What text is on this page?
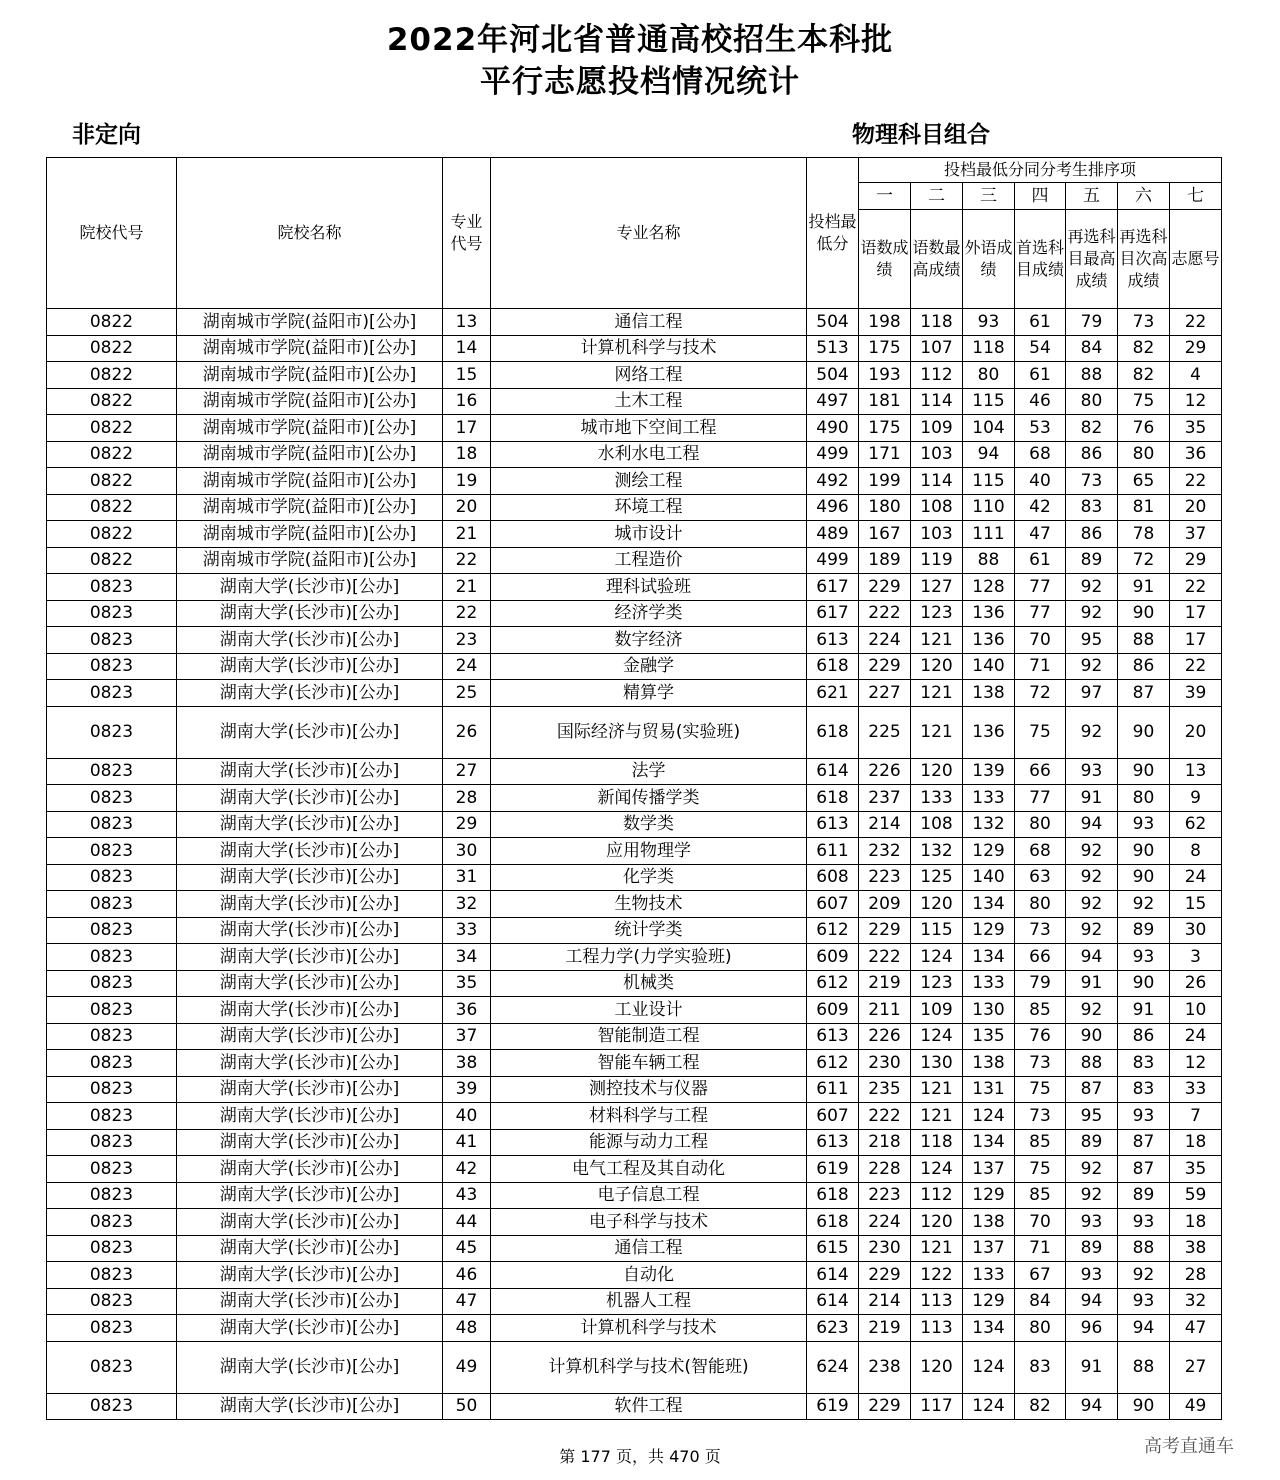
2022年河北省普通高校招生本科批
平行志愿投档情况统计
非定向	物理科目组合
院校代号	院校名称	专业代号	专业名称	投档最低分	投档最低分同分考生排序项						
					一	二	三	四	五	六	七
					语数成绩	语数最高成绩	外语成绩	首选科目成绩	再选科目最高成绩	再选科目次高成绩	志愿号
0822	湖南城市学院(益阳市)[公办]	13	通信工程	504	198	118	93	61	79	73	22
0822	湖南城市学院(益阳市)[公办]	14	计算机科学与技术	513	175	107	118	54	84	82	29
0822	湖南城市学院(益阳市)[公办]	15	网络工程	504	193	112	80	61	88	82	4
0822	湖南城市学院(益阳市)[公办]	16	土木工程	497	181	114	115	46	80	75	12
0822	湖南城市学院(益阳市)[公办]	17	城市地下空间工程	490	175	109	104	53	82	76	35
0822	湖南城市学院(益阳市)[公办]	18	水利水电工程	499	171	103	94	68	86	80	36
0822	湖南城市学院(益阳市)[公办]	19	测绘工程	492	199	114	115	40	73	65	22
0822	湖南城市学院(益阳市)[公办]	20	环境工程	496	180	108	110	42	83	81	20
0822	湖南城市学院(益阳市)[公办]	21	城市设计	489	167	103	111	47	86	78	37
0822	湖南城市学院(益阳市)[公办]	22	工程造价	499	189	119	88	61	89	72	29
0823	湖南大学(长沙市)[公办]	21	理科试验班	617	229	127	128	77	92	91	22
0823	湖南大学(长沙市)[公办]	22	经济学类	617	222	123	136	77	92	90	17
0823	湖南大学(长沙市)[公办]	23	数字经济	613	224	121	136	70	95	88	17
0823	湖南大学(长沙市)[公办]	24	金融学	618	229	120	140	71	92	86	22
0823	湖南大学(长沙市)[公办]	25	精算学	621	227	121	138	72	97	87	39
0823	湖南大学(长沙市)[公办]	26	国际经济与贸易(实验班)	618	225	121	136	75	92	90	20
0823	湖南大学(长沙市)[公办]	27	法学	614	226	120	139	66	93	90	13
0823	湖南大学(长沙市)[公办]	28	新闻传播学类	618	237	133	133	77	91	80	9
0823	湖南大学(长沙市)[公办]	29	数学类	613	214	108	132	80	94	93	62
0823	湖南大学(长沙市)[公办]	30	应用物理学	611	232	132	129	68	92	90	8
0823	湖南大学(长沙市)[公办]	31	化学类	608	223	125	140	63	92	90	24
0823	湖南大学(长沙市)[公办]	32	生物技术	607	209	120	134	80	92	92	15
0823	湖南大学(长沙市)[公办]	33	统计学类	612	229	115	129	73	92	89	30
0823	湖南大学(长沙市)[公办]	34	工程力学(力学实验班)	609	222	124	134	66	94	93	3
0823	湖南大学(长沙市)[公办]	35	机械类	612	219	123	133	79	91	90	26
0823	湖南大学(长沙市)[公办]	36	工业设计	609	211	109	130	85	92	91	10
0823	湖南大学(长沙市)[公办]	37	智能制造工程	613	226	124	135	76	90	86	24
0823	湖南大学(长沙市)[公办]	38	智能车辆工程	612	230	130	138	73	88	83	12
0823	湖南大学(长沙市)[公办]	39	测控技术与仪器	611	235	121	131	75	87	83	33
0823	湖南大学(长沙市)[公办]	40	材料科学与工程	607	222	121	124	73	95	93	7
0823	湖南大学(长沙市)[公办]	41	能源与动力工程	613	218	118	134	85	89	87	18
0823	湖南大学(长沙市)[公办]	42	电气工程及其自动化	619	228	124	137	75	92	87	35
0823	湖南大学(长沙市)[公办]	43	电子信息工程	618	223	112	129	85	92	89	59
0823	湖南大学(长沙市)[公办]	44	电子科学与技术	618	224	120	138	70	93	93	18
0823	湖南大学(长沙市)[公办]	45	通信工程	615	230	121	137	71	89	88	38
0823	湖南大学(长沙市)[公办]	46	自动化	614	229	122	133	67	93	92	28
0823	湖南大学(长沙市)[公办]	47	机器人工程	614	214	113	129	84	94	93	32
0823	湖南大学(长沙市)[公办]	48	计算机科学与技术	623	219	113	134	80	96	94	47
0823	湖南大学(长沙市)[公办]	49	计算机科学与技术(智能班)	624	238	120	124	83	91	88	27
0823	湖南大学(长沙市)[公办]	50	软件工程	619	229	117	124	82	94	90	49
第 177 页，共 470 页	高考直通车
